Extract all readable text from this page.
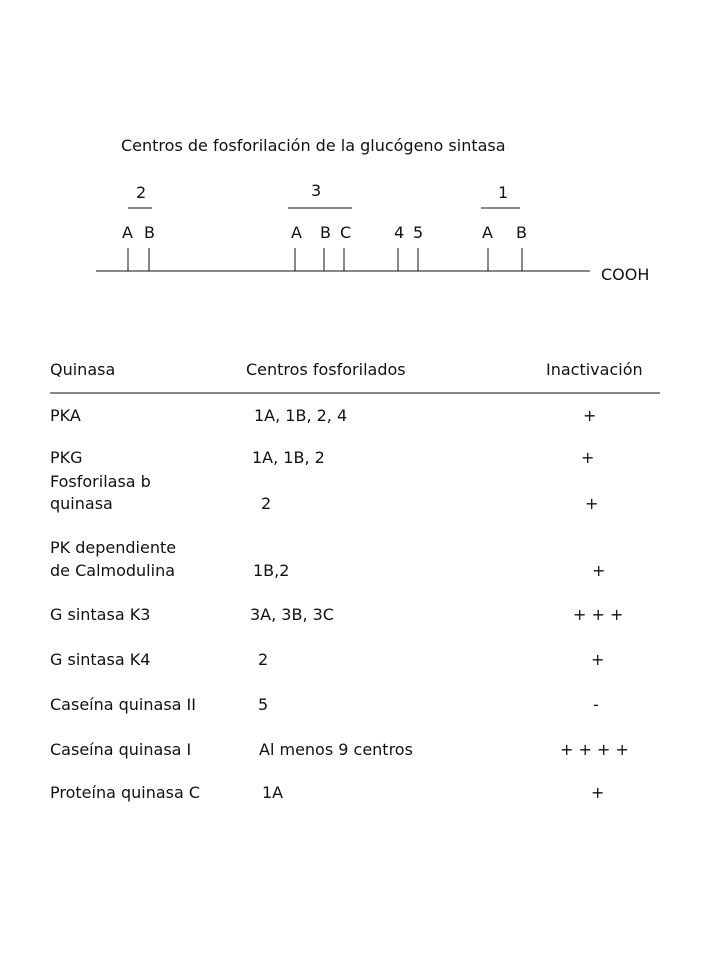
Centros de fosforilación de la glucógeno sintasa
2	3	1
A B	A B C	4 5	A B
COOH
Quinasa	Centros fosforilados	Inactivación
PKA	1A, 1B, 2, 4	+
PKG	1A, 1B, 2	+
Fosforilasa b
quinasa	2	+
PK dependiente
de Calmodulina	1B,2	+
G sintasa K3	3A, 3B, 3C	+ + +
G sintasa K4	2	+
Caseína quinasa II	5	-
Caseína quinasa I	Al menos 9 centros	+ + + +
Proteína quinasa C	1A	+
